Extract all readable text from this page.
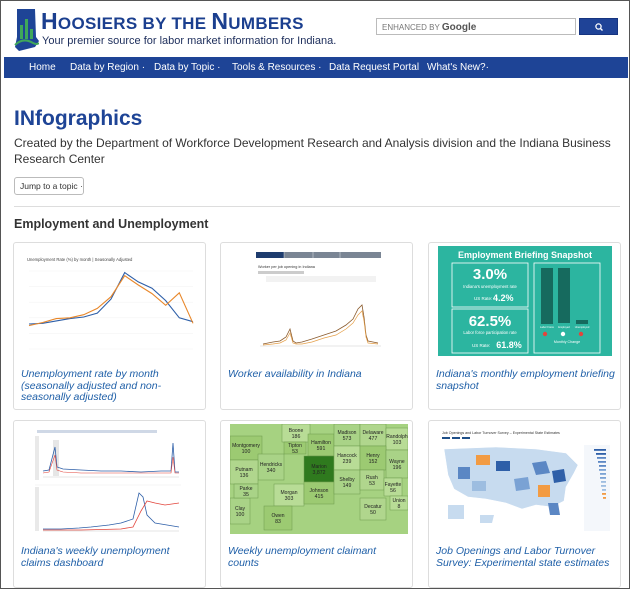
HOOSIERS BY THE NUMBERS
Your premier source for labor market information for Indiana.
ENHANCED BY Google
Home Data by Region · Data by Topic · Tools & Resources · Data Request Portal What's New?·
INfographics
Created by the Department of Workforce Development Research and Analysis division and the Indiana Business Research Center
Jump to a topic ·
Employment and Unemployment
Unemployment Rate (%) by month | Seasonally Adjusted
Unemployment rate by month (seasonally adjusted and non-seasonally adjusted)
Worker per job opening in Indiana
Worker availability in Indiana
Employment Briefing Snapshot
3.0%
Indiana's unemployment rate
US Rate: 4.2%
62.5%
Labor force participation rate
US Rate: 61.8%
Labor Force Employed Unemployed
Monthly Change
Indiana's monthly employment briefing snapshot
Indiana's weekly unemployment claims dashboard
Boone
186
Hamilton
591
Madison
573
Delaware
477 Randolph
103
Montgomery
100
Hendricks
340
Marion
3,872
Hancock
239
Henry
152 Wayne
196
Putnam
136
Morgan
303
Johnson
415
Shelby
149
Rush
53 Fayette
56
Owen
83
Clay
100
Decatur
50
Union
8
Tipton
53
Parke
35
Weekly unemployment claimant counts
Job Openings and Labor Turnover Survey – Experimental State Estimates
Job Openings and Labor Turnover Survey: Experimental state estimates
